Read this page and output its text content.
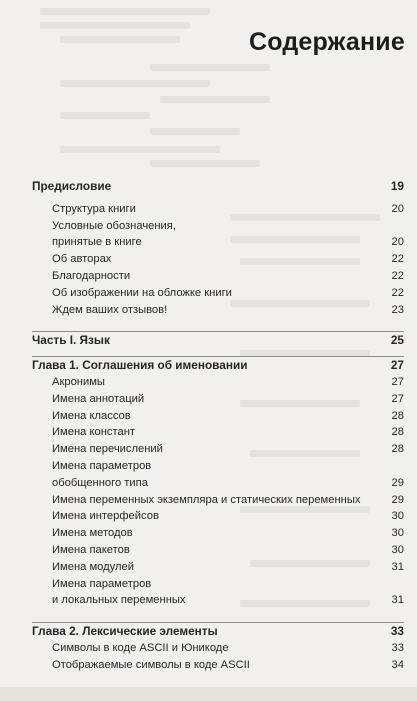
Содержание
Предисловие	19
Структура книги	20
Условные обозначения,
принятые в книге	20
Об авторах	22
Благодарности	22
Об изображении на обложке книги	22
Ждем ваших отзывов!	23
Часть I. Язык	25
Глава 1. Соглашения об именовании	27
Акронимы	27
Имена аннотаций	27
Имена классов	28
Имена констант	28
Имена перечислений	28
Имена параметров
обобщенного типа	29
Имена переменных экземпляра и статических переменных	29
Имена интерфейсов	30
Имена методов	30
Имена пакетов	30
Имена модулей	31
Имена параметров
и локальных переменных	31
Глава 2. Лексические элементы	33
Символы в коде ASCII и Юникоде	33
Отображаемые символы в коде ASCII	34
